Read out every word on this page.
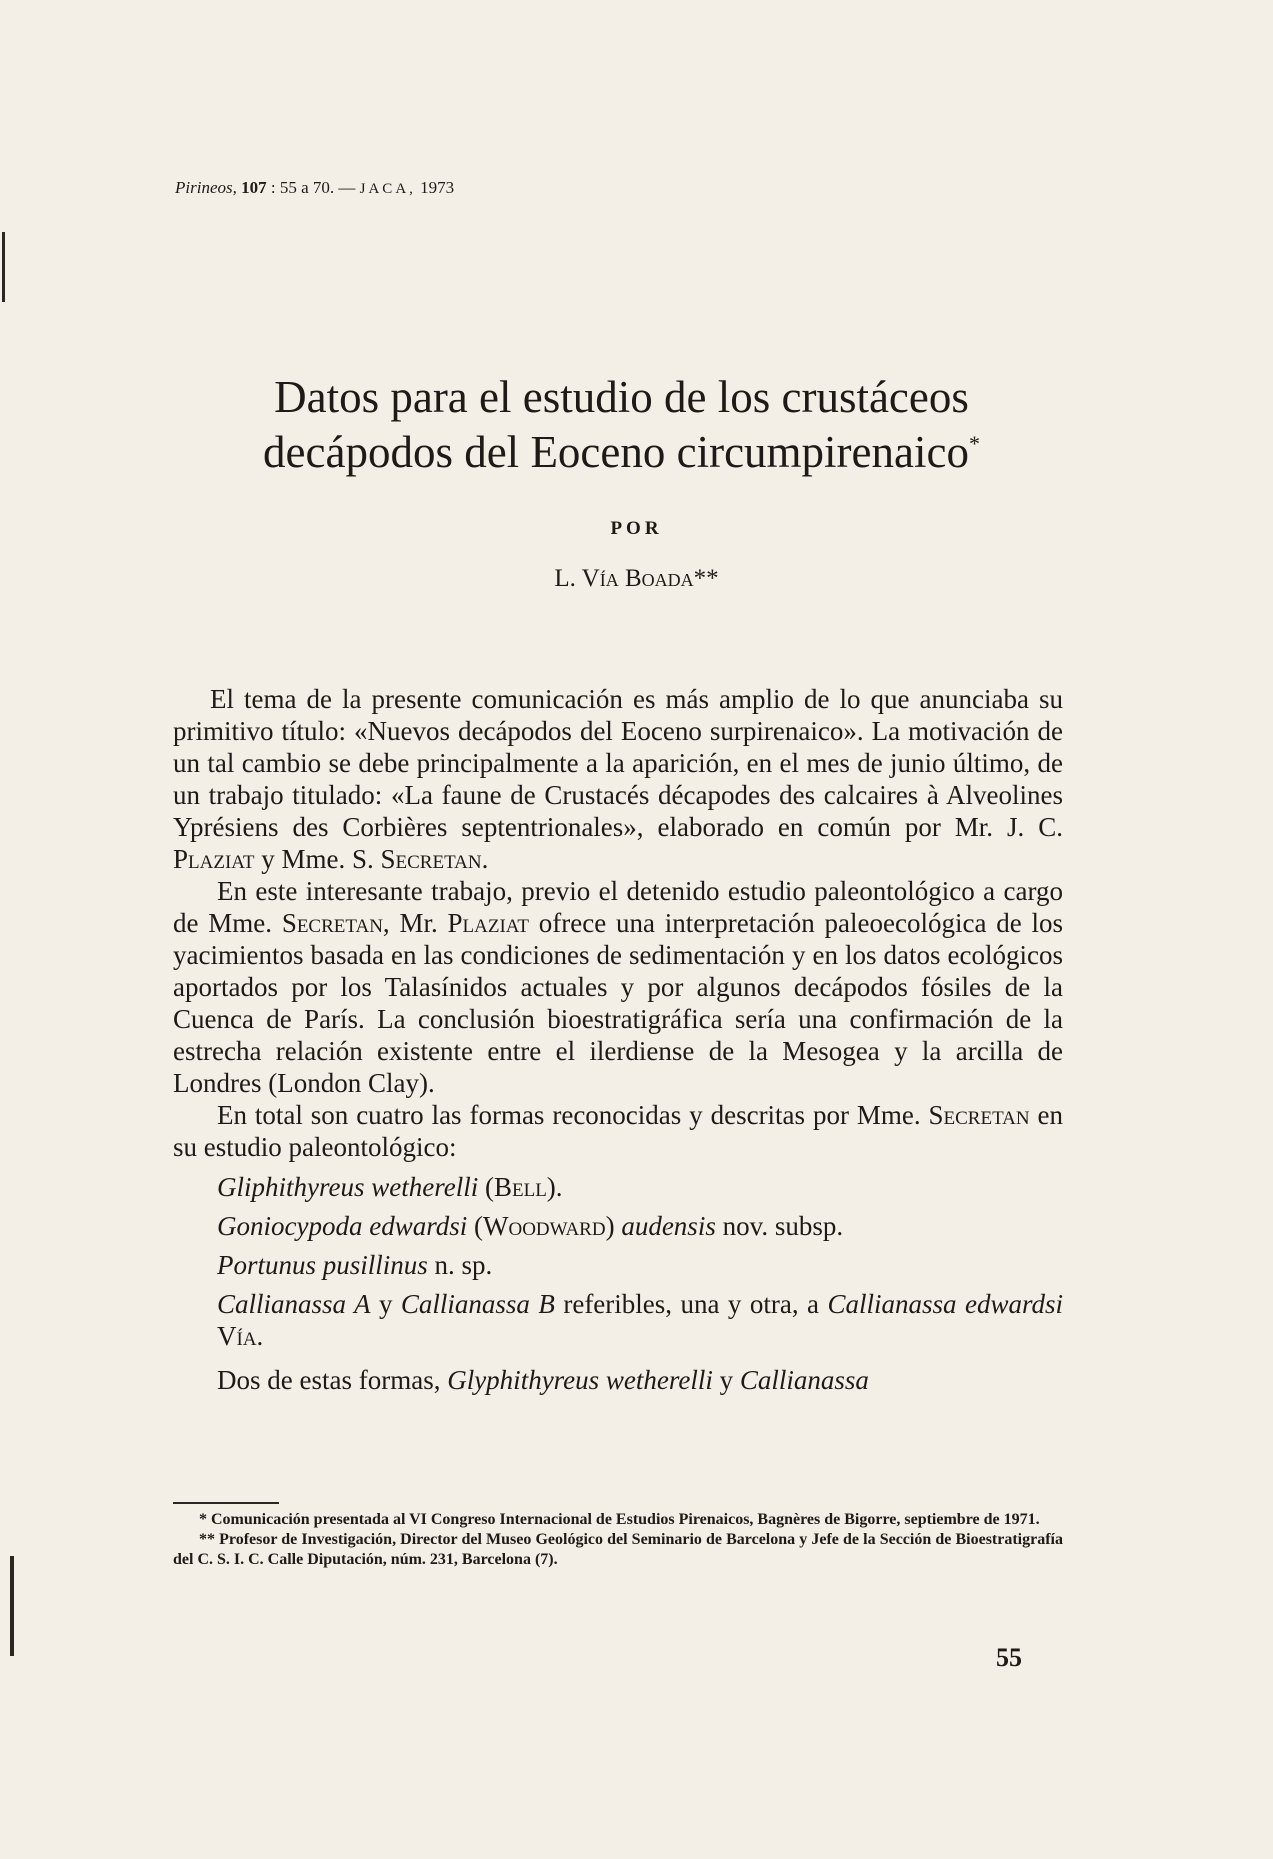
Pirineos, 107 : 55 a 70. — JACA, 1973
Datos para el estudio de los crustáceos
decápodos del Eoceno circumpirenaico*
POR
L. Vía Boada**

El tema de la presente comunicación es más amplio de lo que anunciaba su primitivo título: «Nuevos decápodos del Eoceno surpirenaico». La motivación de un tal cambio se debe principalmente a la aparición, en el mes de junio último, de un trabajo titulado: «La faune de Crustacés décapodes des calcaires à Alveolines Yprésiens des Corbières septentrionales», elaborado en común por Mr. J. C. Plaziat y Mme. S. Secretan.

En este interesante trabajo, previo el detenido estudio paleontológico a cargo de Mme. Secretan, Mr. Plaziat ofrece una interpretación paleoecológica de los yacimientos basada en las condiciones de sedimentación y en los datos ecológicos aportados por los Talasínidos actuales y por algunos decápodos fósiles de la Cuenca de París. La conclusión bioestratigráfica sería una confirmación de la estrecha relación existente entre el ilerdiense de la Mesogea y la arcilla de Londres (London Clay).

En total son cuatro las formas reconocidas y descritas por Mme. Secretan en su estudio paleontológico:

Gliphithyreus wetherelli (Bell).
Goniocypoda edwardsi (Woodward) audensis nov. subsp.
Portunus pusillinus n. sp.
Callianassa A y Callianassa B referibles, una y otra, a Callianassa edwardsi Vía.

Dos de estas formas, Glyphithyreus wetherelli y Callianassa

* Comunicación presentada al VI Congreso Internacional de Estudios Pirenaicos, Bagnères de Bigorre, septiembre de 1971.

** Profesor de Investigación, Director del Museo Geológico del Seminario de Barcelona y Jefe de la Sección de Bioestratigrafía del C. S. I. C. Calle Diputación, núm. 231, Barcelona (7).

55
